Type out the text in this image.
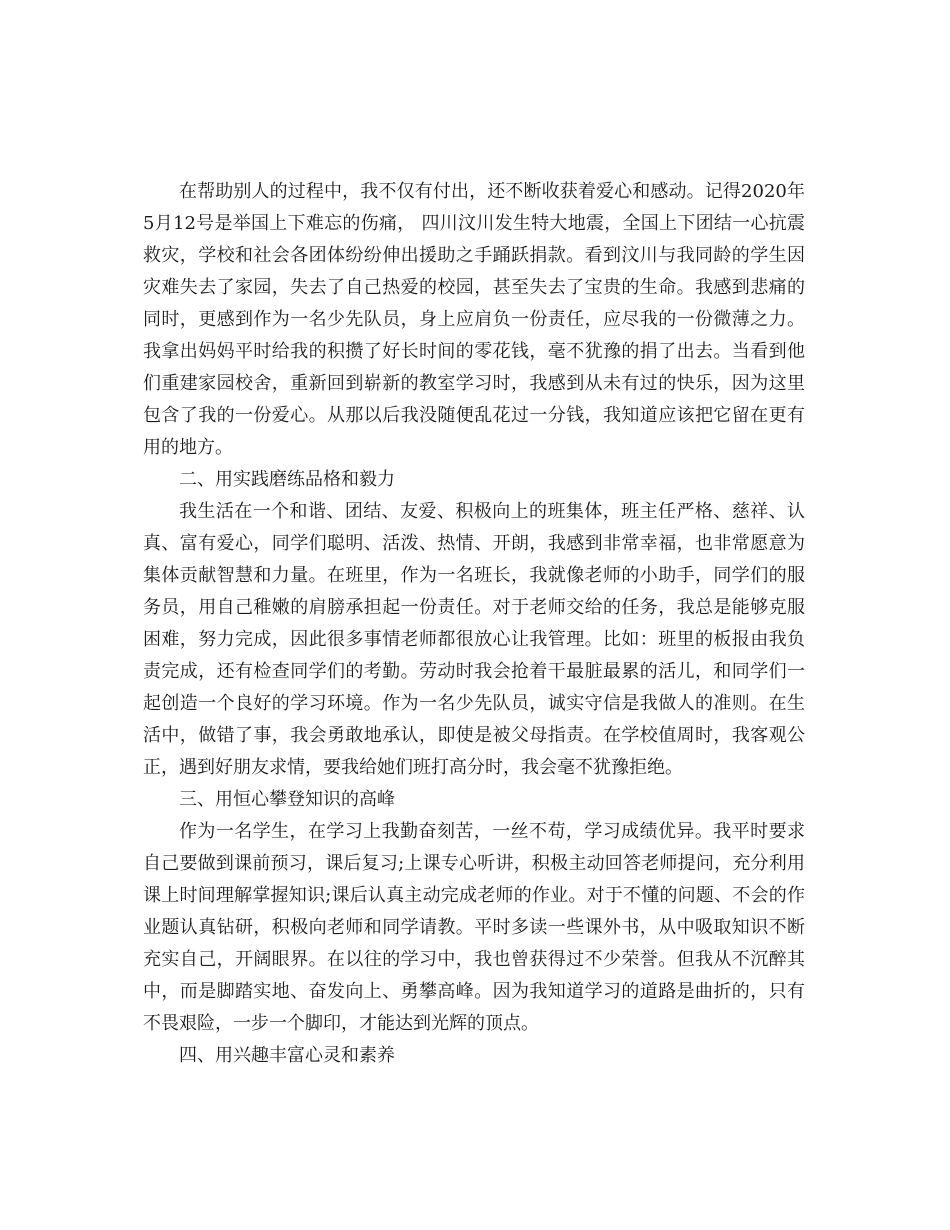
在帮助别人的过程中，我不仅有付出，还不断收获着爱心和感动。记得2020年5月12号是举国上下难忘的伤痛， 四川汶川发生特大地震，全国上下团结一心抗震救灾，学校和社会各团体纷纷伸出援助之手踊跃捐款。看到汶川与我同龄的学生因灾难失去了家园，失去了自己热爱的校园，甚至失去了宝贵的生命。我感到悲痛的同时，更感到作为一名少先队员，身上应肩负一份责任，应尽我的一份微薄之力。我拿出妈妈平时给我的积攒了好长时间的零花钱，毫不犹豫的捐了出去。当看到他们重建家园校舍，重新回到崭新的教室学习时，我感到从未有过的快乐，因为这里包含了我的一份爱心。从那以后我没随便乱花过一分钱，我知道应该把它留在更有用的地方。

二、用实践磨练品格和毅力

我生活在一个和谐、团结、友爱、积极向上的班集体，班主任严格、慈祥、认真、富有爱心，同学们聪明、活泼、热情、开朗，我感到非常幸福，也非常愿意为集体贡献智慧和力量。在班里，作为一名班长，我就像老师的小助手，同学们的服务员，用自己稚嫩的肩膀承担起一份责任。对于老师交给的任务，我总是能够克服困难，努力完成，因此很多事情老师都很放心让我管理。比如：班里的板报由我负责完成，还有检查同学们的考勤。劳动时我会抢着干最脏最累的活儿，和同学们一起创造一个良好的学习环境。作为一名少先队员，诚实守信是我做人的准则。在生活中，做错了事，我会勇敢地承认，即使是被父母指责。在学校值周时，我客观公正，遇到好朋友求情，要我给她们班打高分时，我会毫不犹豫拒绝。

三、用恒心攀登知识的高峰

作为一名学生，在学习上我勤奋刻苦，一丝不苟，学习成绩优异。我平时要求自己要做到课前预习，课后复习;上课专心听讲，积极主动回答老师提问，充分利用课上时间理解掌握知识;课后认真主动完成老师的作业。对于不懂的问题、不会的作业题认真钻研，积极向老师和同学请教。平时多读一些课外书，从中吸取知识不断充实自己，开阔眼界。在以往的学习中，我也曾获得过不少荣誉。但我从不沉醉其中，而是脚踏实地、奋发向上、勇攀高峰。因为我知道学习的道路是曲折的，只有不畏艰险，一步一个脚印，才能达到光辉的顶点。

四、用兴趣丰富心灵和素养
